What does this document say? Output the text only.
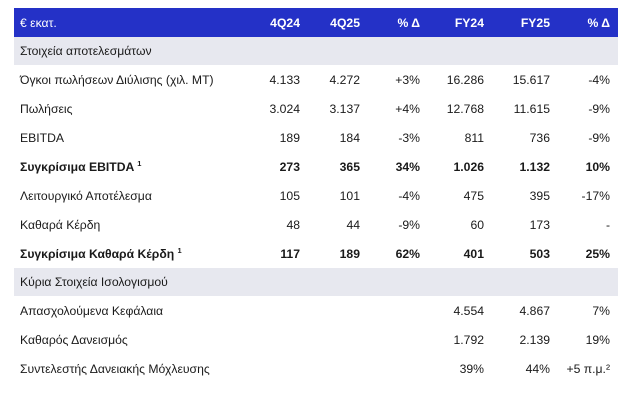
€ εκατ.	4Q24	4Q25	% Δ	FY24	FY25	% Δ
Στοιχεία αποτελεσμάτων						
Όγκοι πωλήσεων Διύλισης (χιλ. ΜΤ)	4.133	4.272	+3%	16.286	15.617	-4%
Πωλήσεις	3.024	3.137	+4%	12.768	11.615	-9%
EBITDA	189	184	-3%	811	736	-9%
Συγκρίσιμα EBITDA $^1$	273	365	34%	1.026	1.132	10%
Λειτουργικό Αποτέλεσμα	105	101	-4%	475	395	-17%
Καθαρά Κέρδη	48	44	-9%	60	173	-
Συγκρίσιμα Καθαρά Κέρδη $^1$	117	189	62%	401	503	25%
Κύρια Στοιχεία Ισολογισμού						
Απασχολούμενα Κεφάλαια				4.554	4.867	7%
Καθαρός Δανεισμός				1.792	2.139	19%
Συντελεστής Δανειακής Μόχλευσης				39%	44%	+5 π.μ.²
